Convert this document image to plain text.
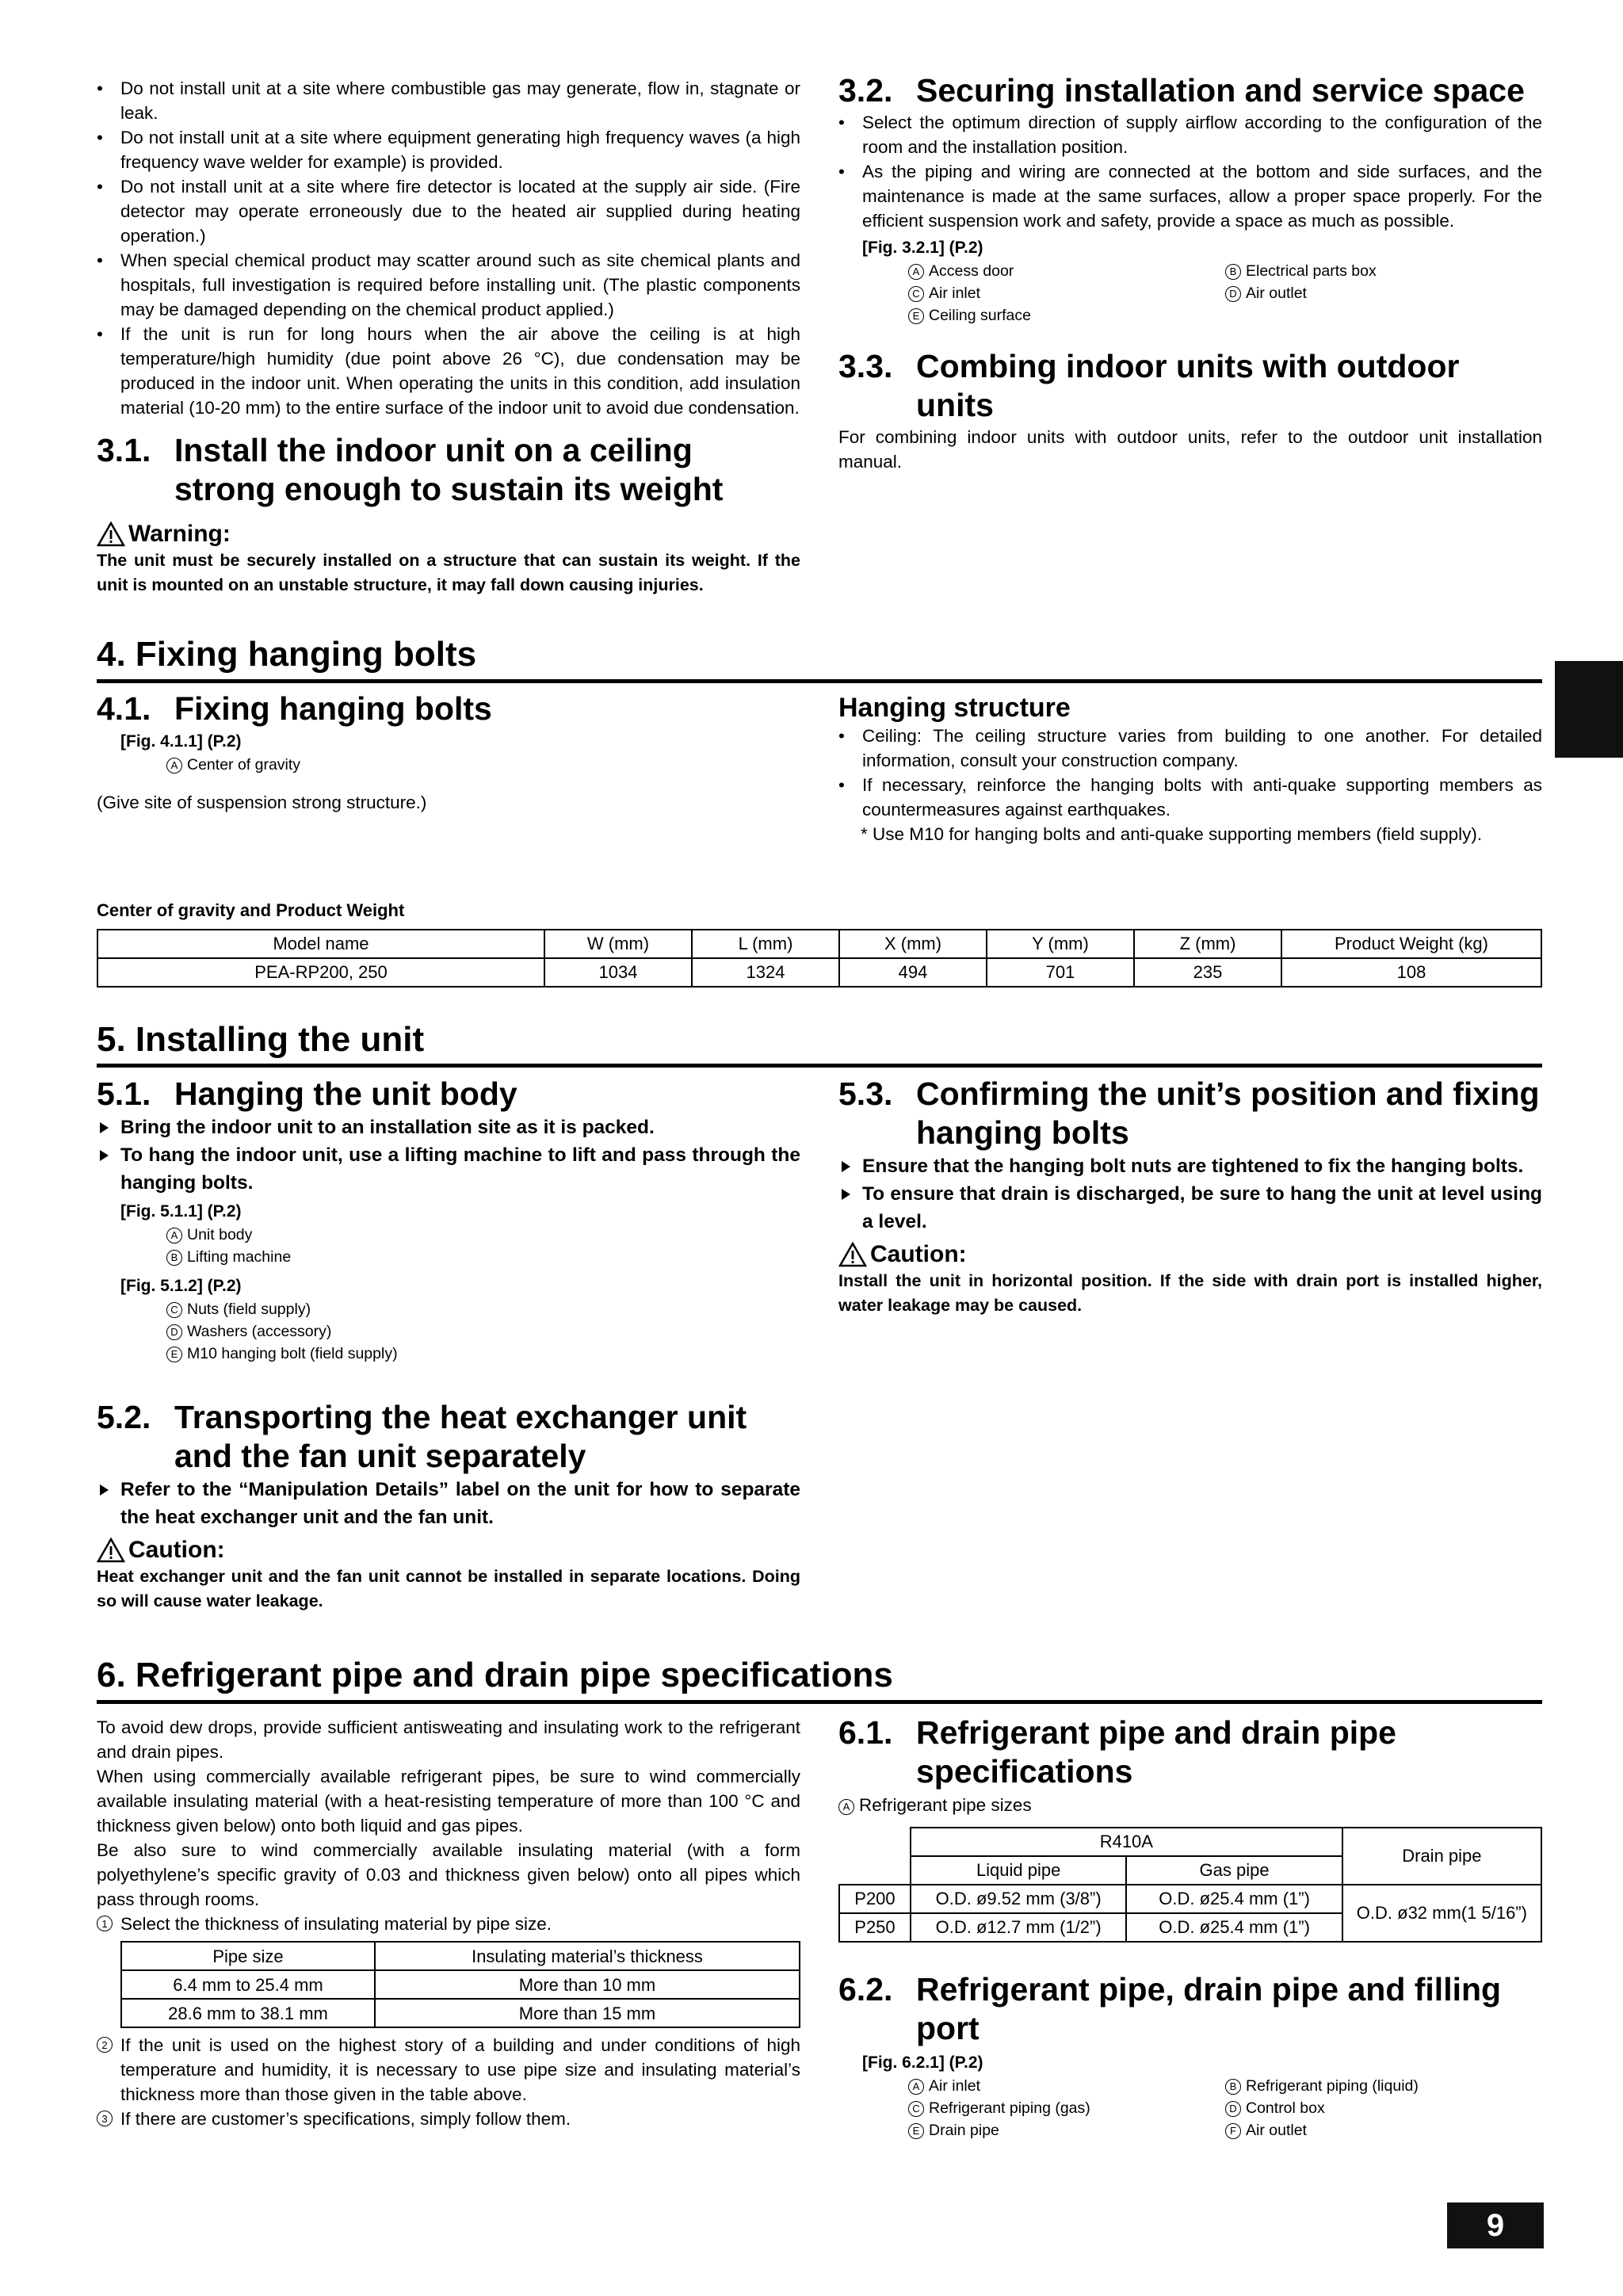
• Do not install unit at a site where combustible gas may generate, flow in, stagnate or leak.
• Do not install unit at a site where equipment generating high frequency waves (a high frequency wave welder for example) is provided.
• Do not install unit at a site where fire detector is located at the supply air side. (Fire detector may operate erroneously due to the heated air supplied during heating operation.)
• When special chemical product may scatter around such as site chemical plants and hospitals, full investigation is required before installing unit. (The plastic components may be damaged depending on the chemical product applied.)
• If the unit is run for long hours when the air above the ceiling is at high temperature/high humidity (due point above 26 °C), due condensation may be produced in the indoor unit. When operating the units in this condition, add insulation material (10-20 mm) to the entire surface of the indoor unit to avoid due condensation.
3.1. Install the indoor unit on a ceiling strong enough to sustain its weight
Warning:
The unit must be securely installed on a structure that can sustain its weight. If the unit is mounted on an unstable structure, it may fall down causing injuries.
3.2. Securing installation and service space
• Select the optimum direction of supply airflow according to the configuration of the room and the installation position.
• As the piping and wiring are connected at the bottom and side surfaces, and the maintenance is made at the same surfaces, allow a proper space properly. For the efficient suspension work and safety, provide a space as much as possible.
[Fig. 3.2.1] (P.2)
A Access door	B Electrical parts box
C Air inlet	D Air outlet
E Ceiling surface
3.3. Combing indoor units with outdoor units
For combining indoor units with outdoor units, refer to the outdoor unit installation manual.
4. Fixing hanging bolts
4.1. Fixing hanging bolts
[Fig. 4.1.1] (P.2)
A Center of gravity
(Give site of suspension strong structure.)
Hanging structure
• Ceiling: The ceiling structure varies from building to one another. For detailed information, consult your construction company.
• If necessary, reinforce the hanging bolts with anti-quake supporting members as countermeasures against earthquakes.
* Use M10 for hanging bolts and anti-quake supporting members (field supply).
Center of gravity and Product Weight
Model name	W (mm)	L (mm)	X (mm)	Y (mm)	Z (mm)	Product Weight (kg)
PEA-RP200, 250	1034	1324	494	701	235	108
5. Installing the unit
5.1. Hanging the unit body
Bring the indoor unit to an installation site as it is packed.
To hang the indoor unit, use a lifting machine to lift and pass through the hanging bolts.
[Fig. 5.1.1] (P.2)
A Unit body
B Lifting machine
[Fig. 5.1.2] (P.2)
C Nuts (field supply)
D Washers (accessory)
E M10 hanging bolt (field supply)
5.2. Transporting the heat exchanger unit and the fan unit separately
Refer to the “Manipulation Details” label on the unit for how to separate the heat exchanger unit and the fan unit.
Caution:
Heat exchanger unit and the fan unit cannot be installed in separate locations. Doing so will cause water leakage.
5.3. Confirming the unit’s position and fixing hanging bolts
Ensure that the hanging bolt nuts are tightened to fix the hanging bolts.
To ensure that drain is discharged, be sure to hang the unit at level using a level.
Caution:
Install the unit in horizontal position. If the side with drain port is installed higher, water leakage may be caused.
6. Refrigerant pipe and drain pipe specifications
To avoid dew drops, provide sufficient antisweating and insulating work to the refrigerant and drain pipes.
When using commercially available refrigerant pipes, be sure to wind commercially available insulating material (with a heat-resisting temperature of more than 100 °C and thickness given below) onto both liquid and gas pipes.
Be also sure to wind commercially available insulating material (with a form polyethylene’s specific gravity of 0.03 and thickness given below) onto all pipes which pass through rooms.
1 Select the thickness of insulating material by pipe size.
Pipe size	Insulating material’s thickness
6.4 mm to 25.4 mm	More than 10 mm
28.6 mm to 38.1 mm	More than 15 mm
2 If the unit is used on the highest story of a building and under conditions of high temperature and humidity, it is necessary to use pipe size and insulating material’s thickness more than those given in the table above.
3 If there are customer’s specifications, simply follow them.
6.1. Refrigerant pipe and drain pipe specifications
A Refrigerant pipe sizes
	R410A		Drain pipe
	Liquid pipe	Gas pipe	
P200	O.D. ø9.52 mm (3/8”)	O.D. ø25.4 mm (1”)	O.D. ø32 mm(1 5/16”)
P250	O.D. ø12.7 mm (1/2”)	O.D. ø25.4 mm (1”)	
6.2. Refrigerant pipe, drain pipe and filling port
[Fig. 6.2.1] (P.2)
A Air inlet	B Refrigerant piping (liquid)
C Refrigerant piping (gas)	D Control box
E Drain pipe	F Air outlet
9
